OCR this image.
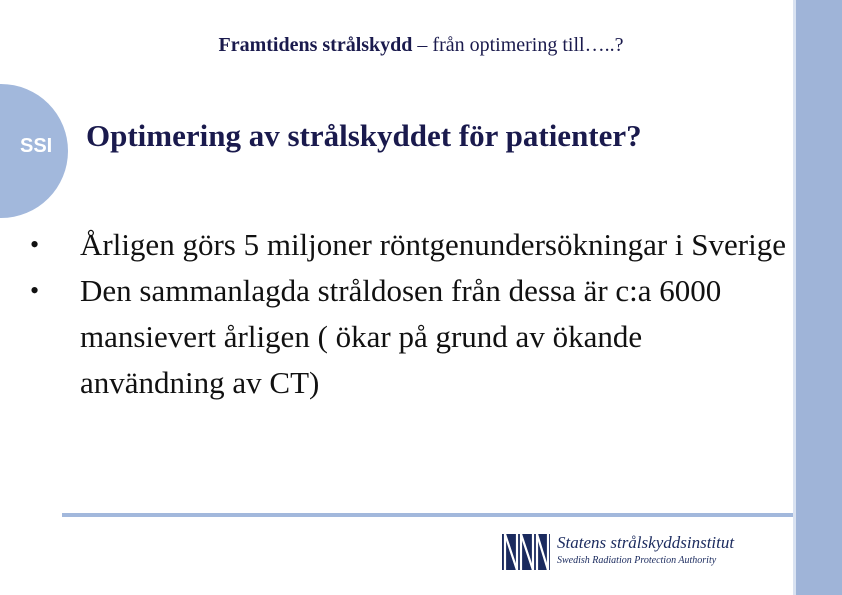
Framtidens strålskydd – från optimering till…..?
SSI Optimering av strålskyddet för patienter?
•	Årligen görs 5 miljoner röntgenundersökningar i Sverige
•	Den sammanlagda stråldosen från dessa är c:a 6000 mansievert årligen ( ökar på grund av ökande användning av CT)
Statens strålskyddsinstitut
Swedish Radiation Protection Authority
